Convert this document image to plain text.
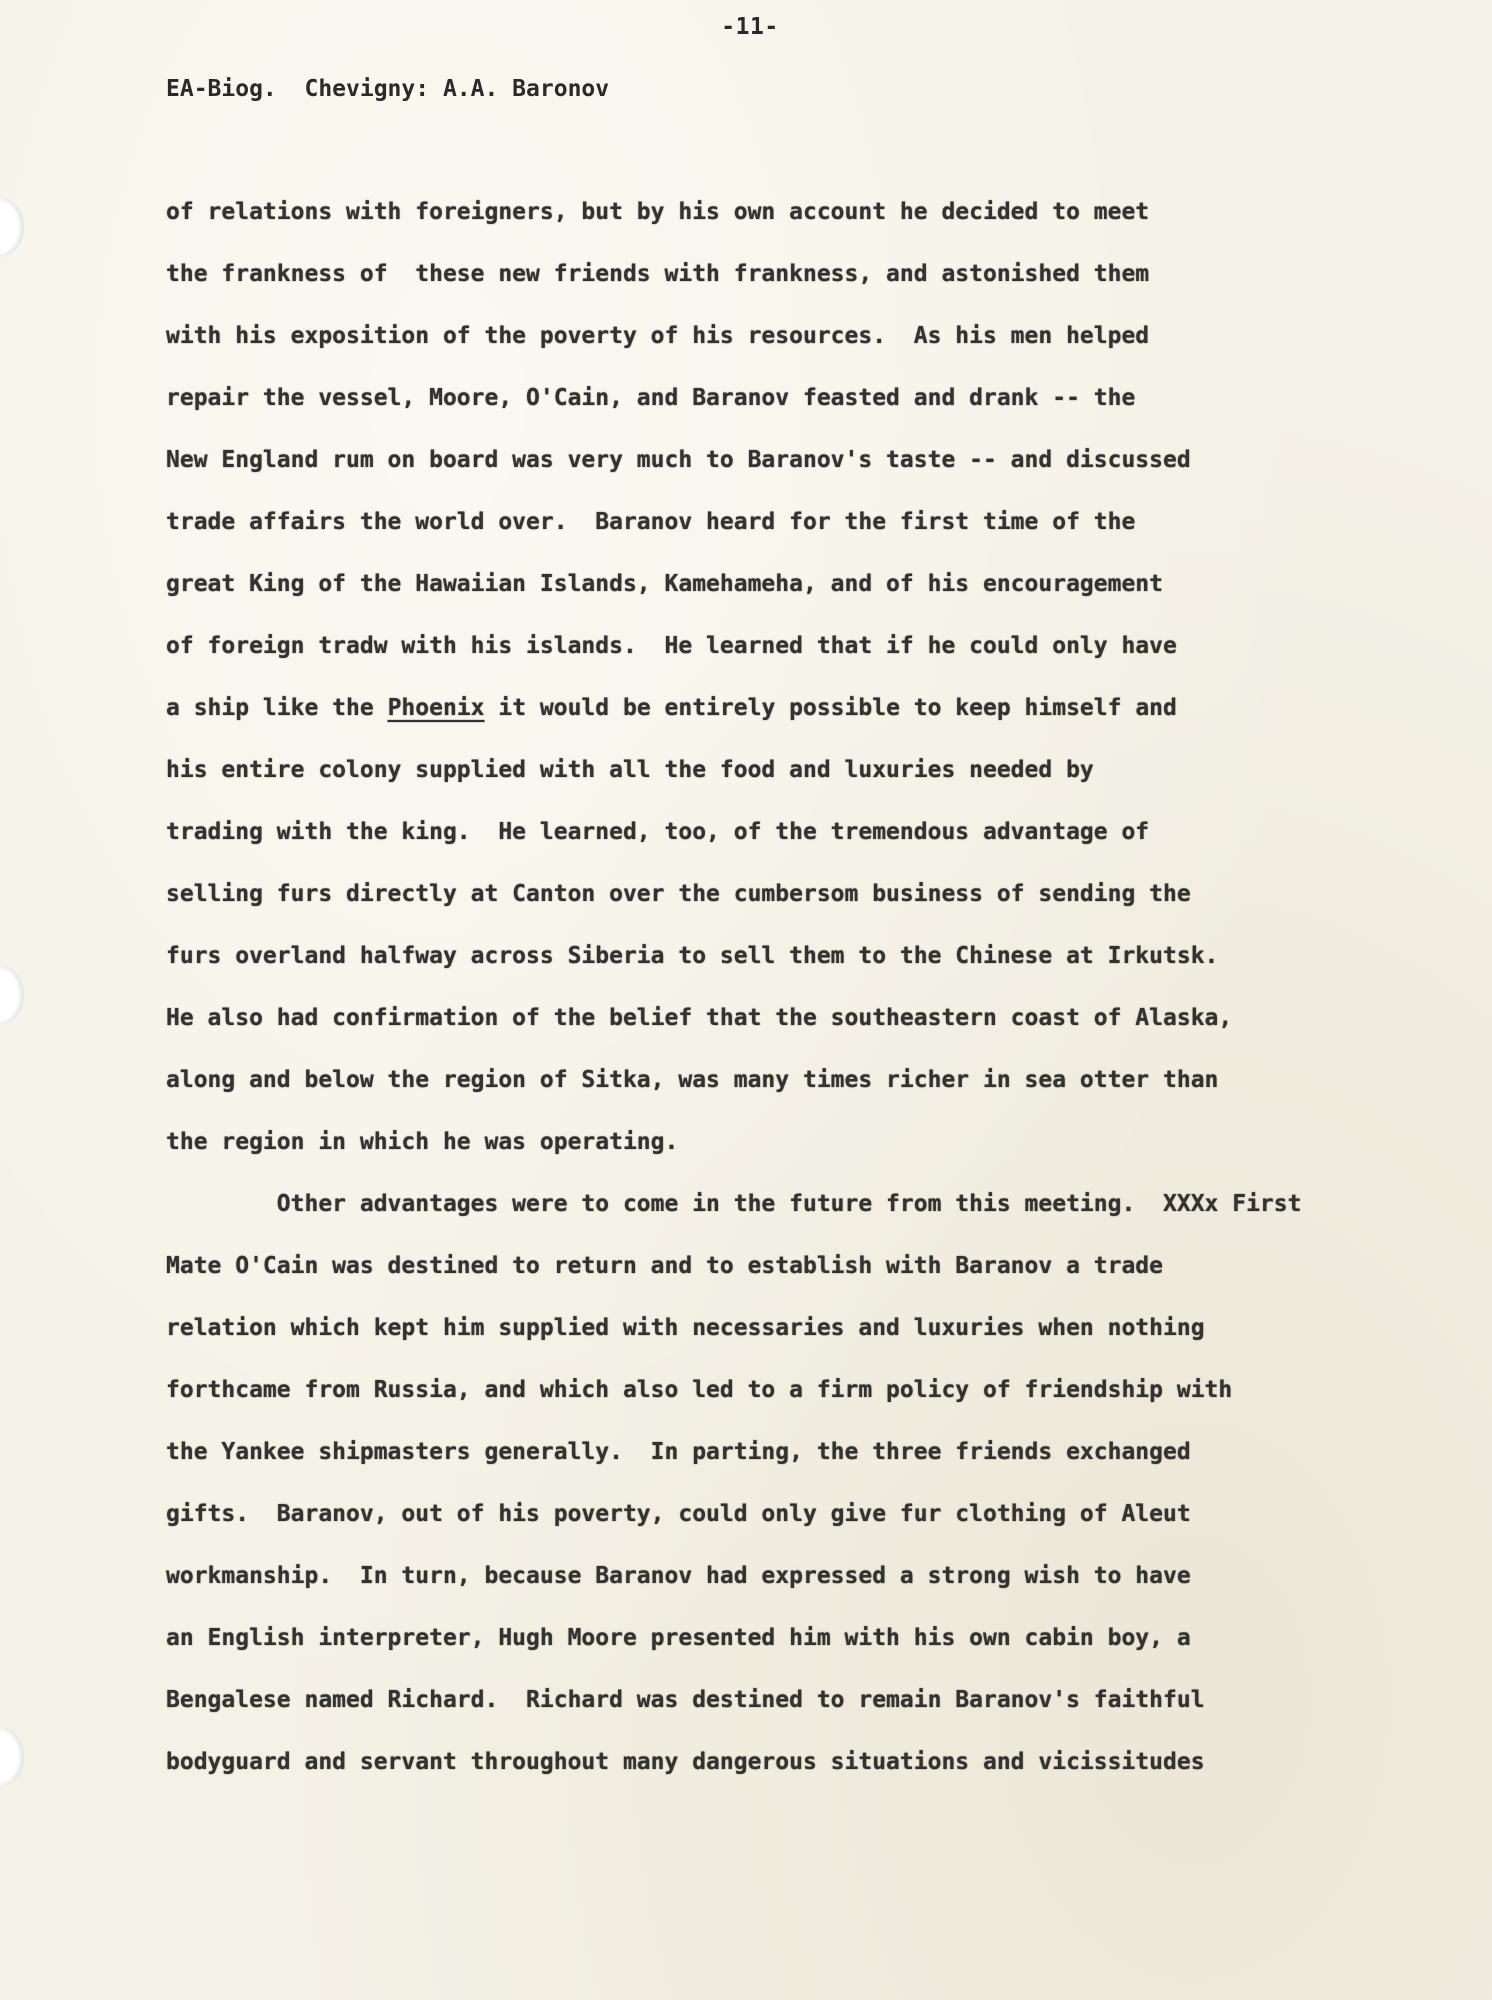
-11-
EA-Biog.  Chevigny: A.A. Baronov
of relations with foreigners, but by his own account he decided to meet
the frankness of  these new friends with frankness, and astonished them
with his exposition of the poverty of his resources.  As his men helped
repair the vessel, Moore, O'Cain, and Baranov feasted and drank -- the
New England rum on board was very much to Baranov's taste -- and discussed
trade affairs the world over.  Baranov heard for the first time of the
great King of the Hawaiian Islands, Kamehameha, and of his encouragement
of foreign tradw with his islands.  He learned that if he could only have
a ship like the Phoenix it would be entirely possible to keep himself and
his entire colony supplied with all the food and luxuries needed by
trading with the king.  He learned, too, of the tremendous advantage of
selling furs directly at Canton over the cumbersom business of sending the
furs overland halfway across Siberia to sell them to the Chinese at Irkutsk.
He also had confirmation of the belief that the southeastern coast of Alaska,
along and below the region of Sitka, was many times richer in sea otter than
the region in which he was operating.
Other advantages were to come in the future from this meeting.  XXXx First
Mate O'Cain was destined to return and to establish with Baranov a trade
relation which kept him supplied with necessaries and luxuries when nothing
forthcame from Russia, and which also led to a firm policy of friendship with
the Yankee shipmasters generally.  In parting, the three friends exchanged
gifts.  Baranov, out of his poverty, could only give fur clothing of Aleut
workmanship.  In turn, because Baranov had expressed a strong wish to have
an English interpreter, Hugh Moore presented him with his own cabin boy, a
Bengalese named Richard.  Richard was destined to remain Baranov's faithful
bodyguard and servant throughout many dangerous situations and vicissitudes
